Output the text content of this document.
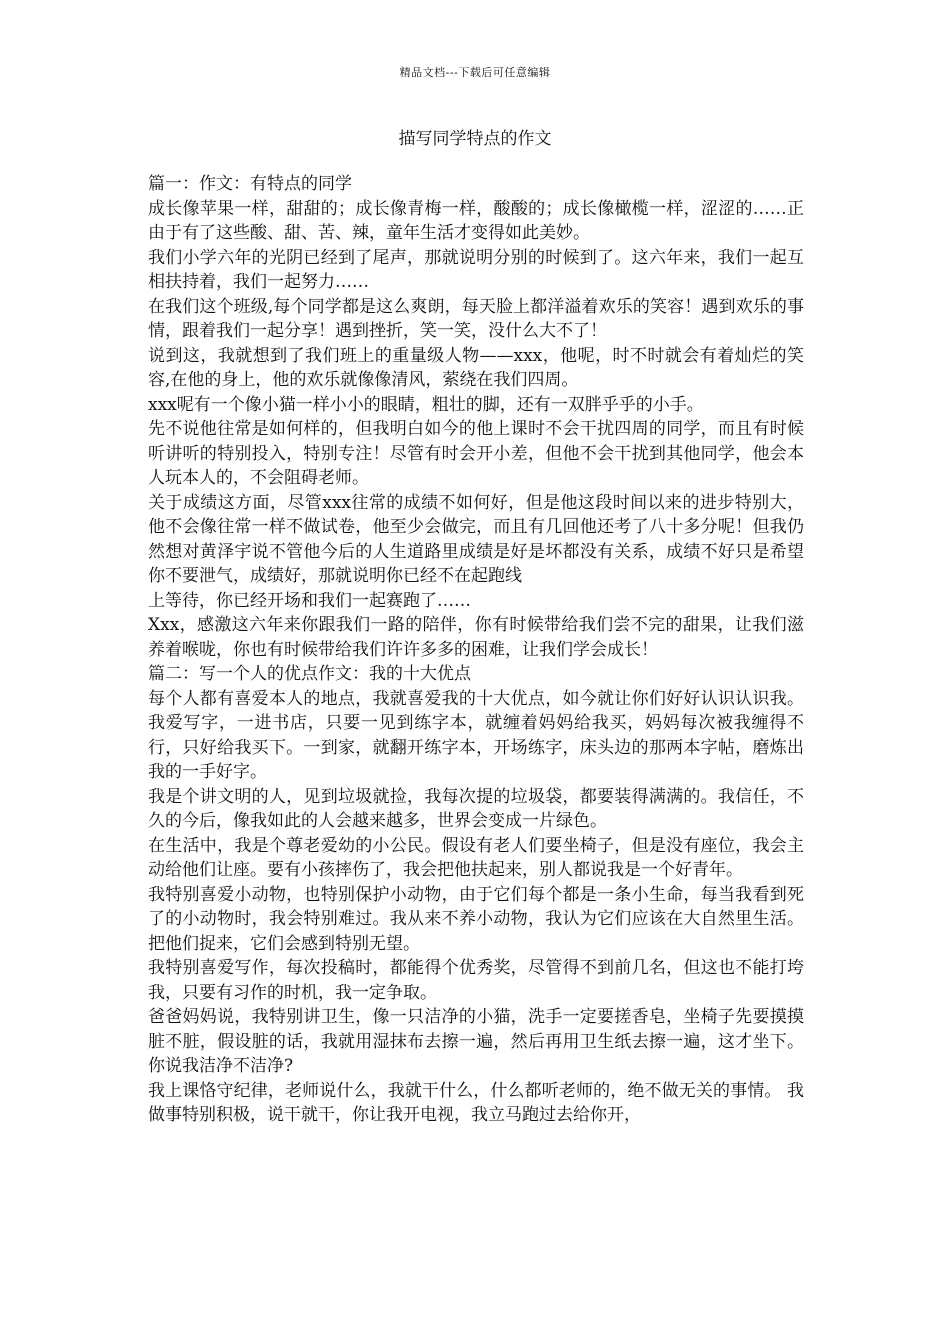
精品文档---下载后可任意编辑
描写同学特点的作文

篇一：作文：有特点的同学

成长像苹果一样，甜甜的；成长像青梅一样，酸酸的；成长像橄榄一样，涩涩的……正由于有了这些酸、甜、苦、辣，童年生活才变得如此美妙。

我们小学六年的光阴已经到了尾声，那就说明分别的时候到了。这六年来，我们一起互相扶持着，我们一起努力……

在我们这个班级,每个同学都是这么爽朗，每天脸上都洋溢着欢乐的笑容！遇到欢乐的事情，跟着我们一起分享！遇到挫折，笑一笑，没什么大不了！

说到这，我就想到了我们班上的重量级人物——xxx，他呢，时不时就会有着灿烂的笑容,在他的身上，他的欢乐就像像清风，萦绕在我们四周。

xxx呢有一个像小猫一样小小的眼睛，粗壮的脚，还有一双胖乎乎的小手。

先不说他往常是如何样的，但我明白如今的他上课时不会干扰四周的同学，而且有时候听讲听的特别投入，特别专注！尽管有时会开小差，但他不会干扰到其他同学，他会本人玩本人的，不会阻碍老师。

关于成绩这方面，尽管xxx往常的成绩不如何好，但是他这段时间以来的进步特别大，他不会像往常一样不做试卷，他至少会做完，而且有几回他还考了八十多分呢！但我仍然想对黄泽宇说不管他今后的人生道路里成绩是好是坏都没有关系，成绩不好只是希望你不要泄气，成绩好，那就说明你已经不在起跑线
上等待，你已经开场和我们一起赛跑了……

Xxx，感激这六年来你跟我们一路的陪伴，你有时候带给我们尝不完的甜果，让我们滋养着喉咙，你也有时候带给我们许许多多的困难，让我们学会成长！

篇二：写一个人的优点作文：我的十大优点

每个人都有喜爱本人的地点，我就喜爱我的十大优点，如今就让你们好好认识认识我。 我爱写字，一进书店，只要一见到练字本，就缠着妈妈给我买，妈妈每次被我缠得不行，只好给我买下。一到家，就翻开练字本，开场练字，床头边的那两本字帖，磨炼出我的一手好字。

我是个讲文明的人，见到垃圾就捡，我每次提的垃圾袋，都要装得满满的。我信任，不久的今后，像我如此的人会越来越多，世界会变成一片绿色。

在生活中，我是个尊老爱幼的小公民。假设有老人们要坐椅子，但是没有座位，我会主动给他们让座。要有小孩摔伤了，我会把他扶起来，别人都说我是一个好青年。

我特别喜爱小动物，也特别保护小动物，由于它们每个都是一条小生命，每当我看到死了的小动物时，我会特别难过。我从来不养小动物，我认为它们应该在大自然里生活。把他们捉来，它们会感到特别无望。

我特别喜爱写作，每次投稿时，都能得个优秀奖，尽管得不到前几名，但这也不能打垮我，只要有习作的时机，我一定争取。

爸爸妈妈说，我特别讲卫生，像一只洁净的小猫，洗手一定要搓香皂，坐椅子先要摸摸脏不脏，假设脏的话，我就用湿抹布去擦一遍，然后再用卫生纸去擦一遍，这才坐下。你说我洁净不洁净?

我上课恪守纪律，老师说什么，我就干什么，什么都听老师的，绝不做无关的事情。 我做事特别积极，说干就干，你让我开电视，我立马跑过去给你开，
